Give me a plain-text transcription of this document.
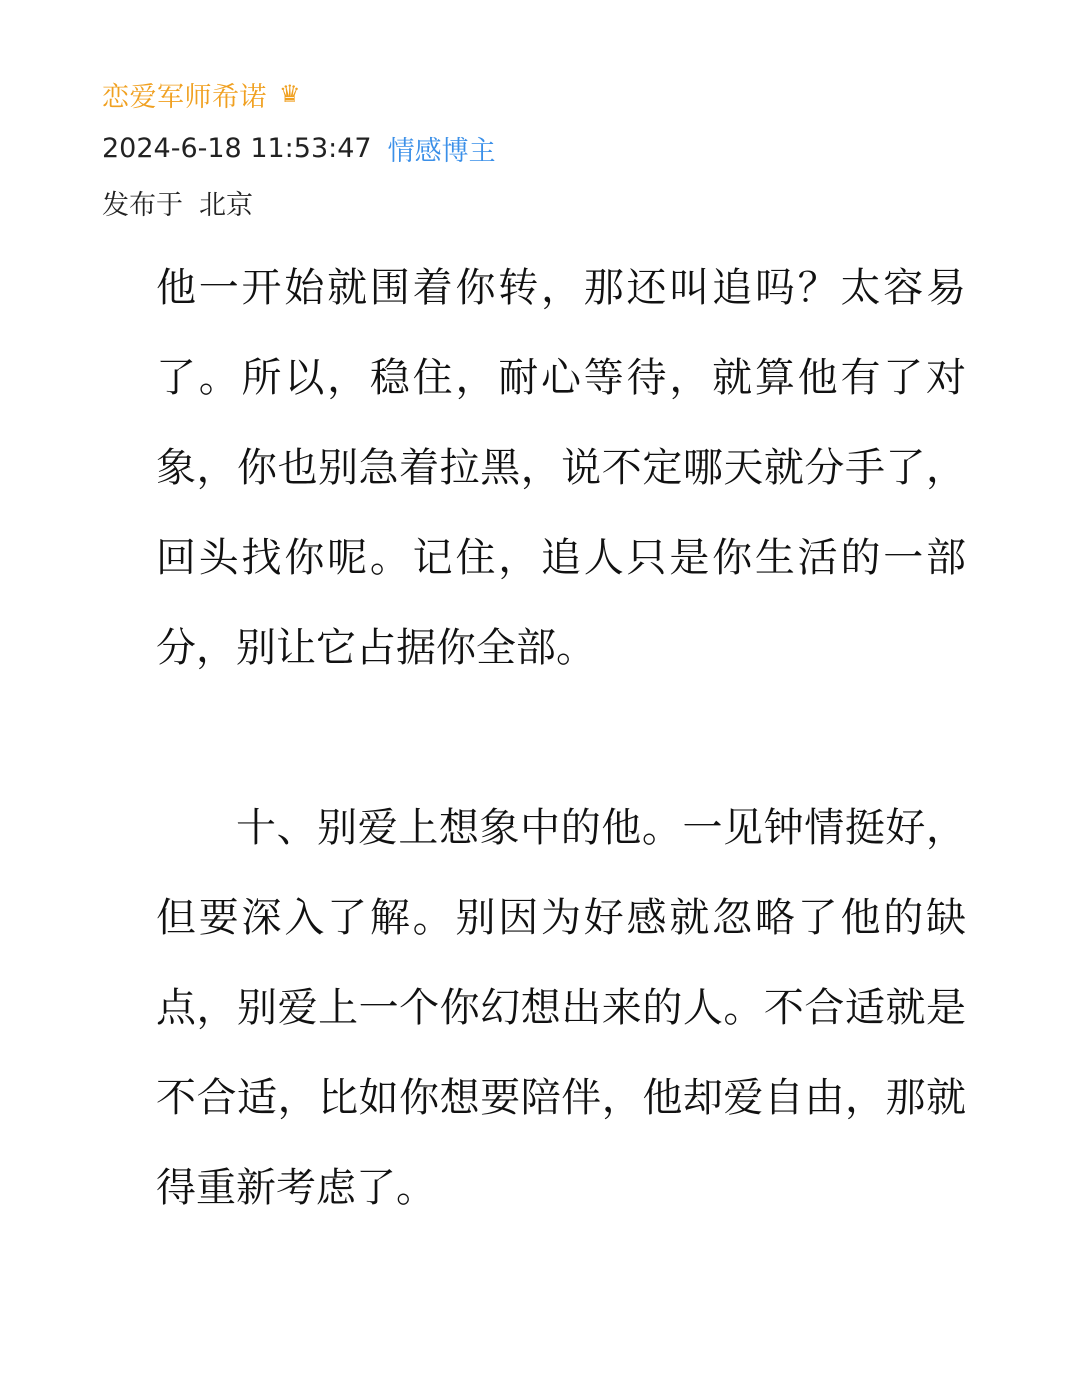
恋爱军师希诺 ♛
2024-6-18 11:53:47 情感博主
发布于 北京

他一开始就围着你转，那还叫追吗？太容易了。所以，稳住，耐心等待，就算他有了对象，你也别急着拉黑，说不定哪天就分手了，回头找你呢。记住，追人只是你生活的一部分，别让它占据你全部。

十、别爱上想象中的他。一见钟情挺好，但要深入了解。别因为好感就忽略了他的缺点，别爱上一个你幻想出来的人。不合适就是不合适，比如你想要陪伴，他却爱自由，那就得重新考虑了。
